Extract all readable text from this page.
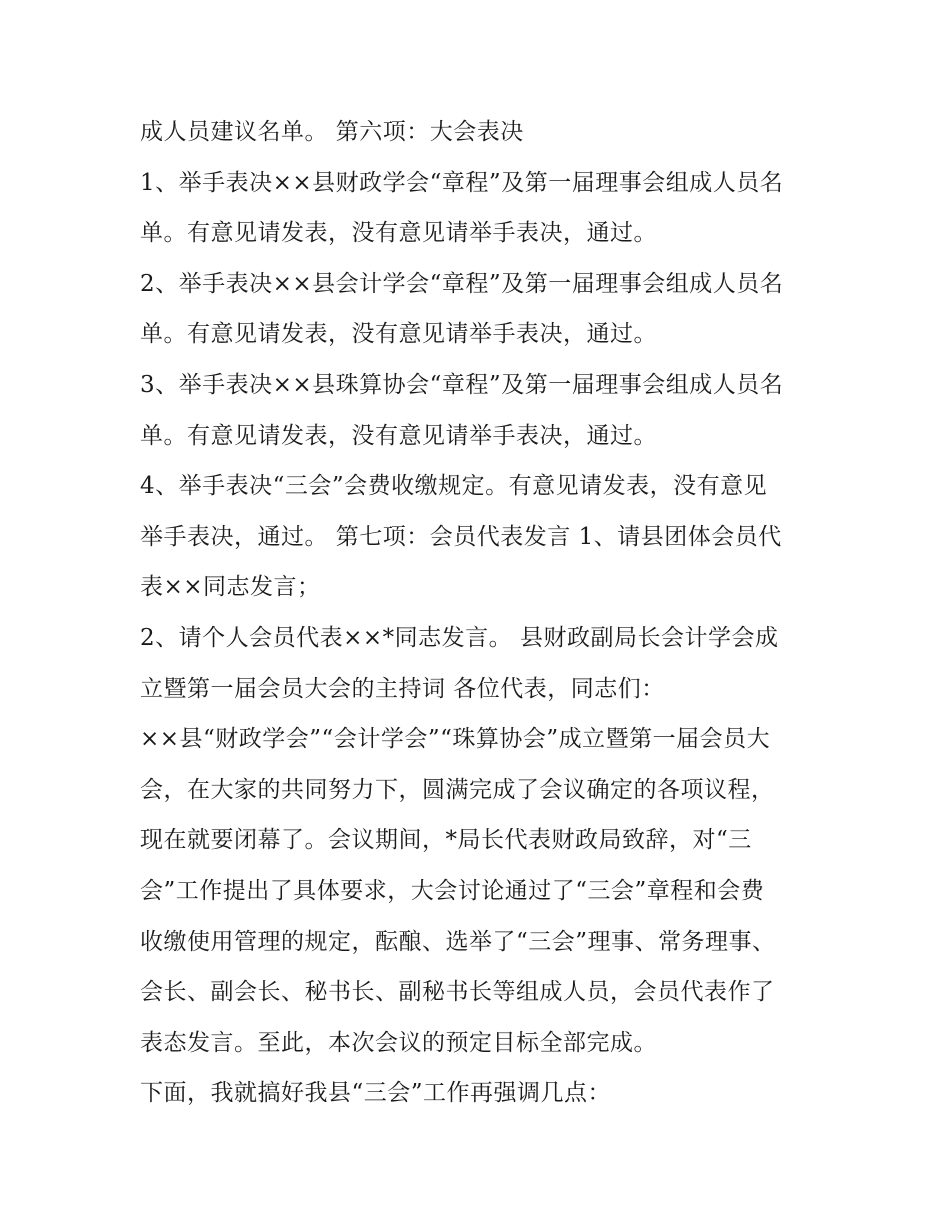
成人员建议名单。 第六项：大会表决
1、举手表决××县财政学会“章程”及第一届理事会组成人员名
单。有意见请发表，没有意见请举手表决，通过。
2、举手表决××县会计学会“章程”及第一届理事会组成人员名
单。有意见请发表，没有意见请举手表决，通过。
3、举手表决××县珠算协会“章程”及第一届理事会组成人员名
单。有意见请发表，没有意见请举手表决，通过。
4、举手表决“三会”会费收缴规定。有意见请发表，没有意见
举手表决，通过。 第七项：会员代表发言 1、请县团体会员代
表××同志发言；
2、请个人会员代表××*同志发言。 县财政副局长会计学会成
立暨第一届会员大会的主持词 各位代表，同志们：
××县“财政学会”“会计学会”“珠算协会”成立暨第一届会员大
会，在大家的共同努力下，圆满完成了会议确定的各项议程，
现在就要闭幕了。会议期间，*局长代表财政局致辞，对“三
会”工作提出了具体要求，大会讨论通过了“三会”章程和会费
收缴使用管理的规定，酝酿、选举了“三会”理事、常务理事、
会长、副会长、秘书长、副秘书长等组成人员，会员代表作了
表态发言。至此，本次会议的预定目标全部完成。
下面，我就搞好我县“三会”工作再强调几点：
